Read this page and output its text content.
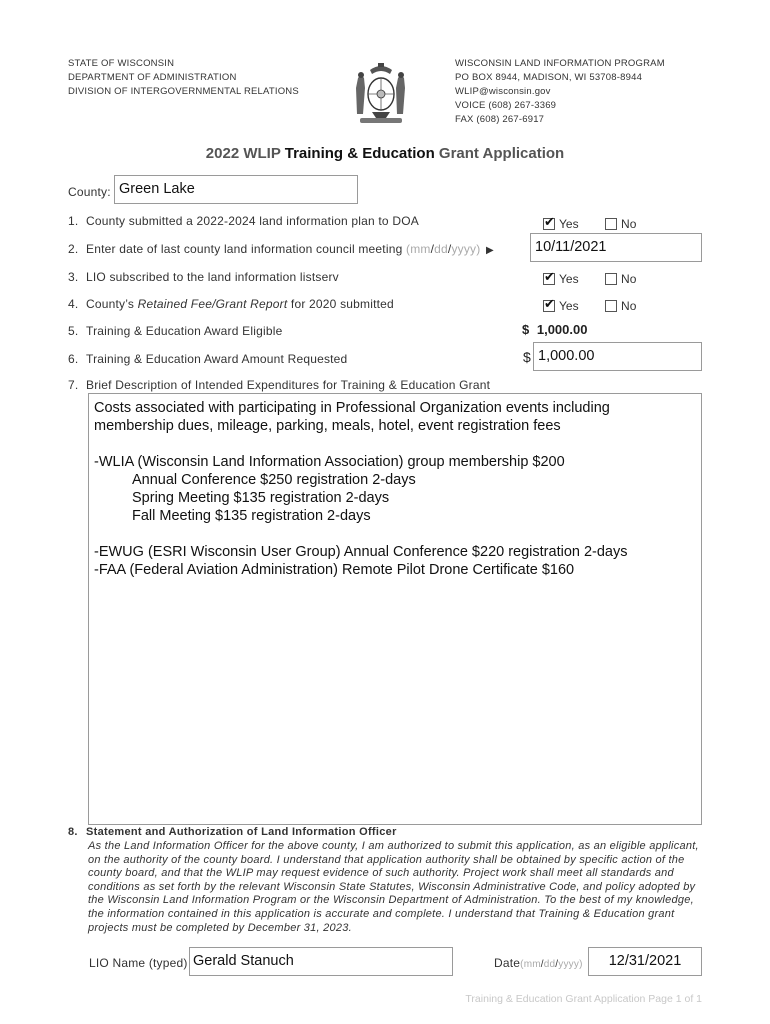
STATE OF WISCONSIN
DEPARTMENT OF ADMINISTRATION
DIVISION OF INTERGOVERNMENTAL RELATIONS
WISCONSIN LAND INFORMATION PROGRAM
PO BOX 8944, MADISON, WI 53708-8944
WLIP@wisconsin.gov
VOICE (608) 267-3369
FAX (608) 267-6917
2022 WLIP Training & Education Grant Application
County: Green Lake
1. County submitted a 2022-2024 land information plan to DOA	✔ Yes	No
2. Enter date of last county land information council meeting (mm/dd/yyyy) ▶	10/11/2021
3. LIO subscribed to the land information listserv	✔ Yes	No
4. County’s Retained Fee/Grant Report for 2020 submitted	✔ Yes	No
5. Training & Education Award Eligible	$ 1,000.00
6. Training & Education Award Amount Requested	$ 1,000.00
7. Brief Description of Intended Expenditures for Training & Education Grant

Costs associated with participating in Professional Organization events including

membership dues, mileage, parking, meals, hotel, event registration fees

-WLIA (Wisconsin Land Information Association) group membership $200

Annual Conference $250 registration 2-days

Spring Meeting $135 registration 2-days

Fall Meeting $135 registration 2-days

-EWUG (ESRI Wisconsin User Group) Annual Conference $220 registration 2-days

-FAA (Federal Aviation Administration) Remote Pilot Drone Certificate $160

8. Statement and Authorization of Land Information Officer
As the Land Information Officer for the above county, I am authorized to submit this application, as an eligible applicant, on the authority of the county board. I understand that application authority shall be obtained by specific action of the county board, and that the WLIP may request evidence of such authority. Project work shall meet all standards and conditions as set forth by the relevant Wisconsin State Statutes, Wisconsin Administrative Code, and policy adopted by the Wisconsin Land Information Program or the Wisconsin Department of Administration. To the best of my knowledge, the information contained in this application is accurate and complete. I understand that Training & Education grant projects must be completed by December 31, 2023.
LIO Name (typed) Gerald Stanuch	Date(mm/dd/yyyy)	12/31/2021
Training & Education Grant Application Page 1 of 1
